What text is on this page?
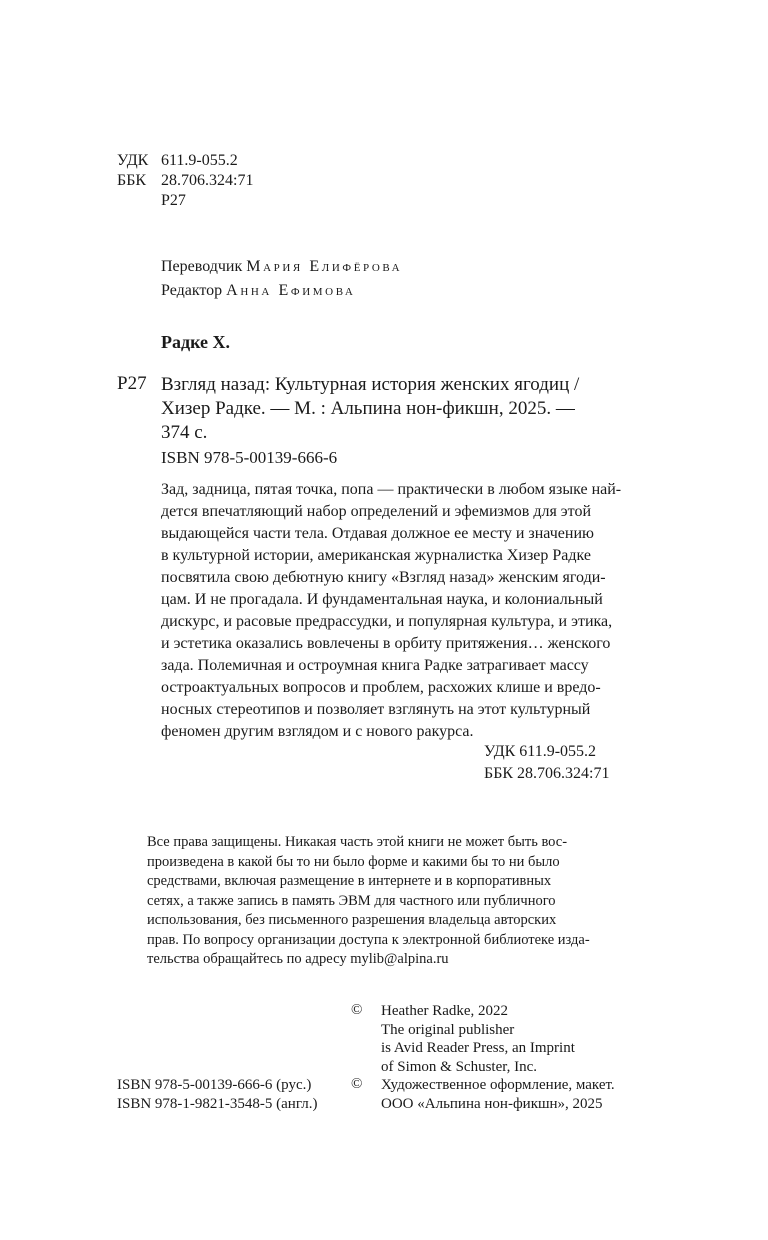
УДК 611.9-055.2
ББК 28.706.324:71
Р27
Переводчик Мария Елифёрова
Редактор Анна Ефимова
Радке Х.
Р27 Взгляд назад: Культурная история женских ягодиц /
Хизер Радке. — М. : Альпина нон-фикшн, 2025. —
374 с.
ISBN 978-5-00139-666-6
Зад, задница, пятая точка, попа — практически в любом языке най-
дется впечатляющий набор определений и эфемизмов для этой
выдающейся части тела. Отдавая должное ее месту и значению
в культурной истории, американская журналистка Хизер Радке
посвятила свою дебютную книгу «Взгляд назад» женским ягоди-
цам. И не прогадала. И фундаментальная наука, и колониальный
дискурс, и расовые предрассудки, и популярная культура, и этика,
и эстетика оказались вовлечены в орбиту притяжения… женского
зада. Полемичная и остроумная книга Радке затрагивает массу
остроактуальных вопросов и проблем, расхожих клише и вредо-
носных стереотипов и позволяет взглянуть на этот культурный
феномен другим взглядом и с нового ракурса.
УДК 611.9-055.2
ББК 28.706.324:71
Все права защищены. Никакая часть этой книги не может быть вос-
произведена в какой бы то ни было форме и какими бы то ни было
средствами, включая размещение в интернете и в корпоративных
сетях, а также запись в память ЭВМ для частного или публичного
использования, без письменного разрешения владельца авторских
прав. По вопросу организации доступа к электронной библиотеке изда-
тельства обращайтесь по адресу mylib@alpina.ru
© Heather Radke, 2022
The original publisher
is Avid Reader Press, an Imprint
of Simon & Schuster, Inc.
© Художественное оформление, макет.
ООО «Альпина нон-фикшн», 2025
ISBN 978-5-00139-666-6 (рус.)
ISBN 978-1-9821-3548-5 (англ.)
